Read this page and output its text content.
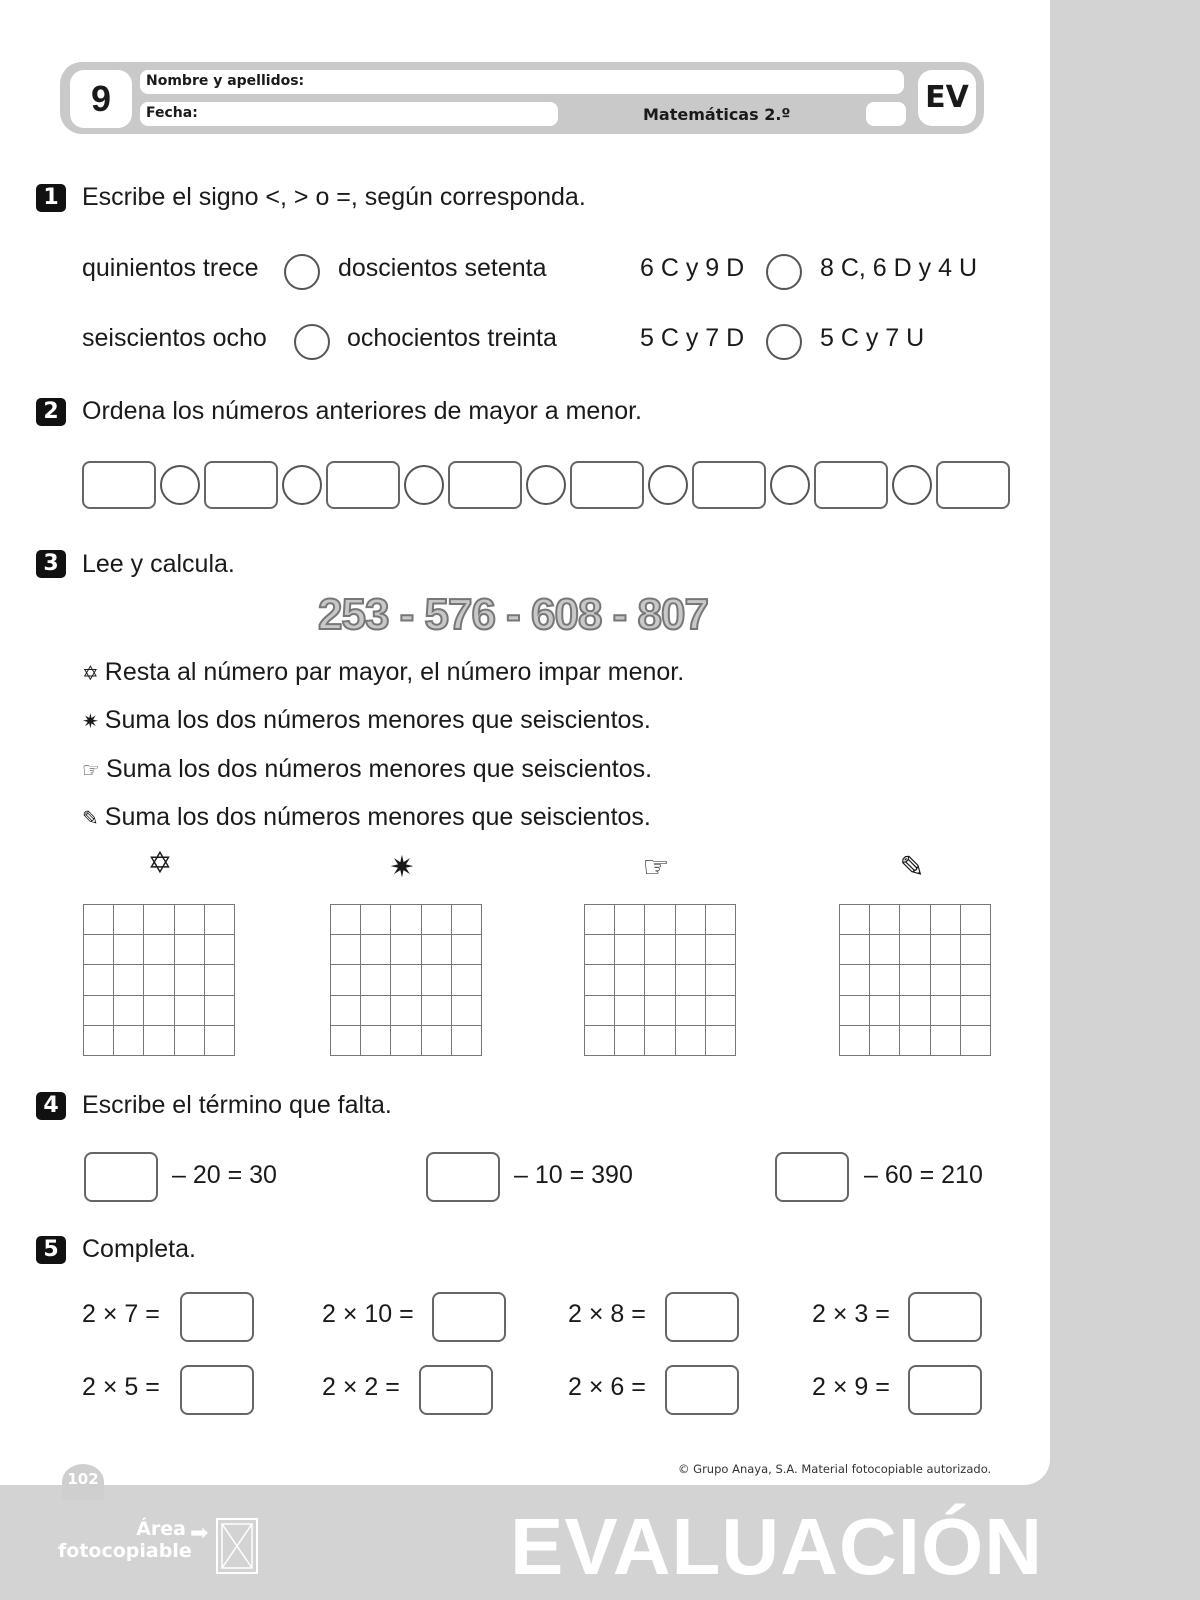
9	Nombre y apellidos:
Fecha:	Matemáticas 2.º	EV
1 Escribe el signo <, > o =, según corresponda.
quinientos trece	doscientos setenta	6 C y 9 D	8 C, 6 D y 4 U
seiscientos ocho	ochocientos treinta	5 C y 7 D	5 C y 7 U
2 Ordena los números anteriores de mayor a menor.
3 Lee y calcula.
253 - 576 - 608 - 807
✡ Resta al número par mayor, el número impar menor.
✷ Suma los dos números menores que seiscientos.
☞ Suma los dos números menores que seiscientos.
✎ Suma los dos números menores que seiscientos.
✡	✷	☞	✎
4 Escribe el término que falta.
– 20 = 30	– 10 = 390	– 60 = 210
5 Completa.
2 × 7 =	2 × 10 =	2 × 8 =	2 × 3 =
2 × 5 =	2 × 2 =	2 × 6 =	2 × 9 =
© Grupo Anaya, S.A. Material fotocopiable autorizado.
102
Área
fotocopiable
➡	EVALUACIÓN
